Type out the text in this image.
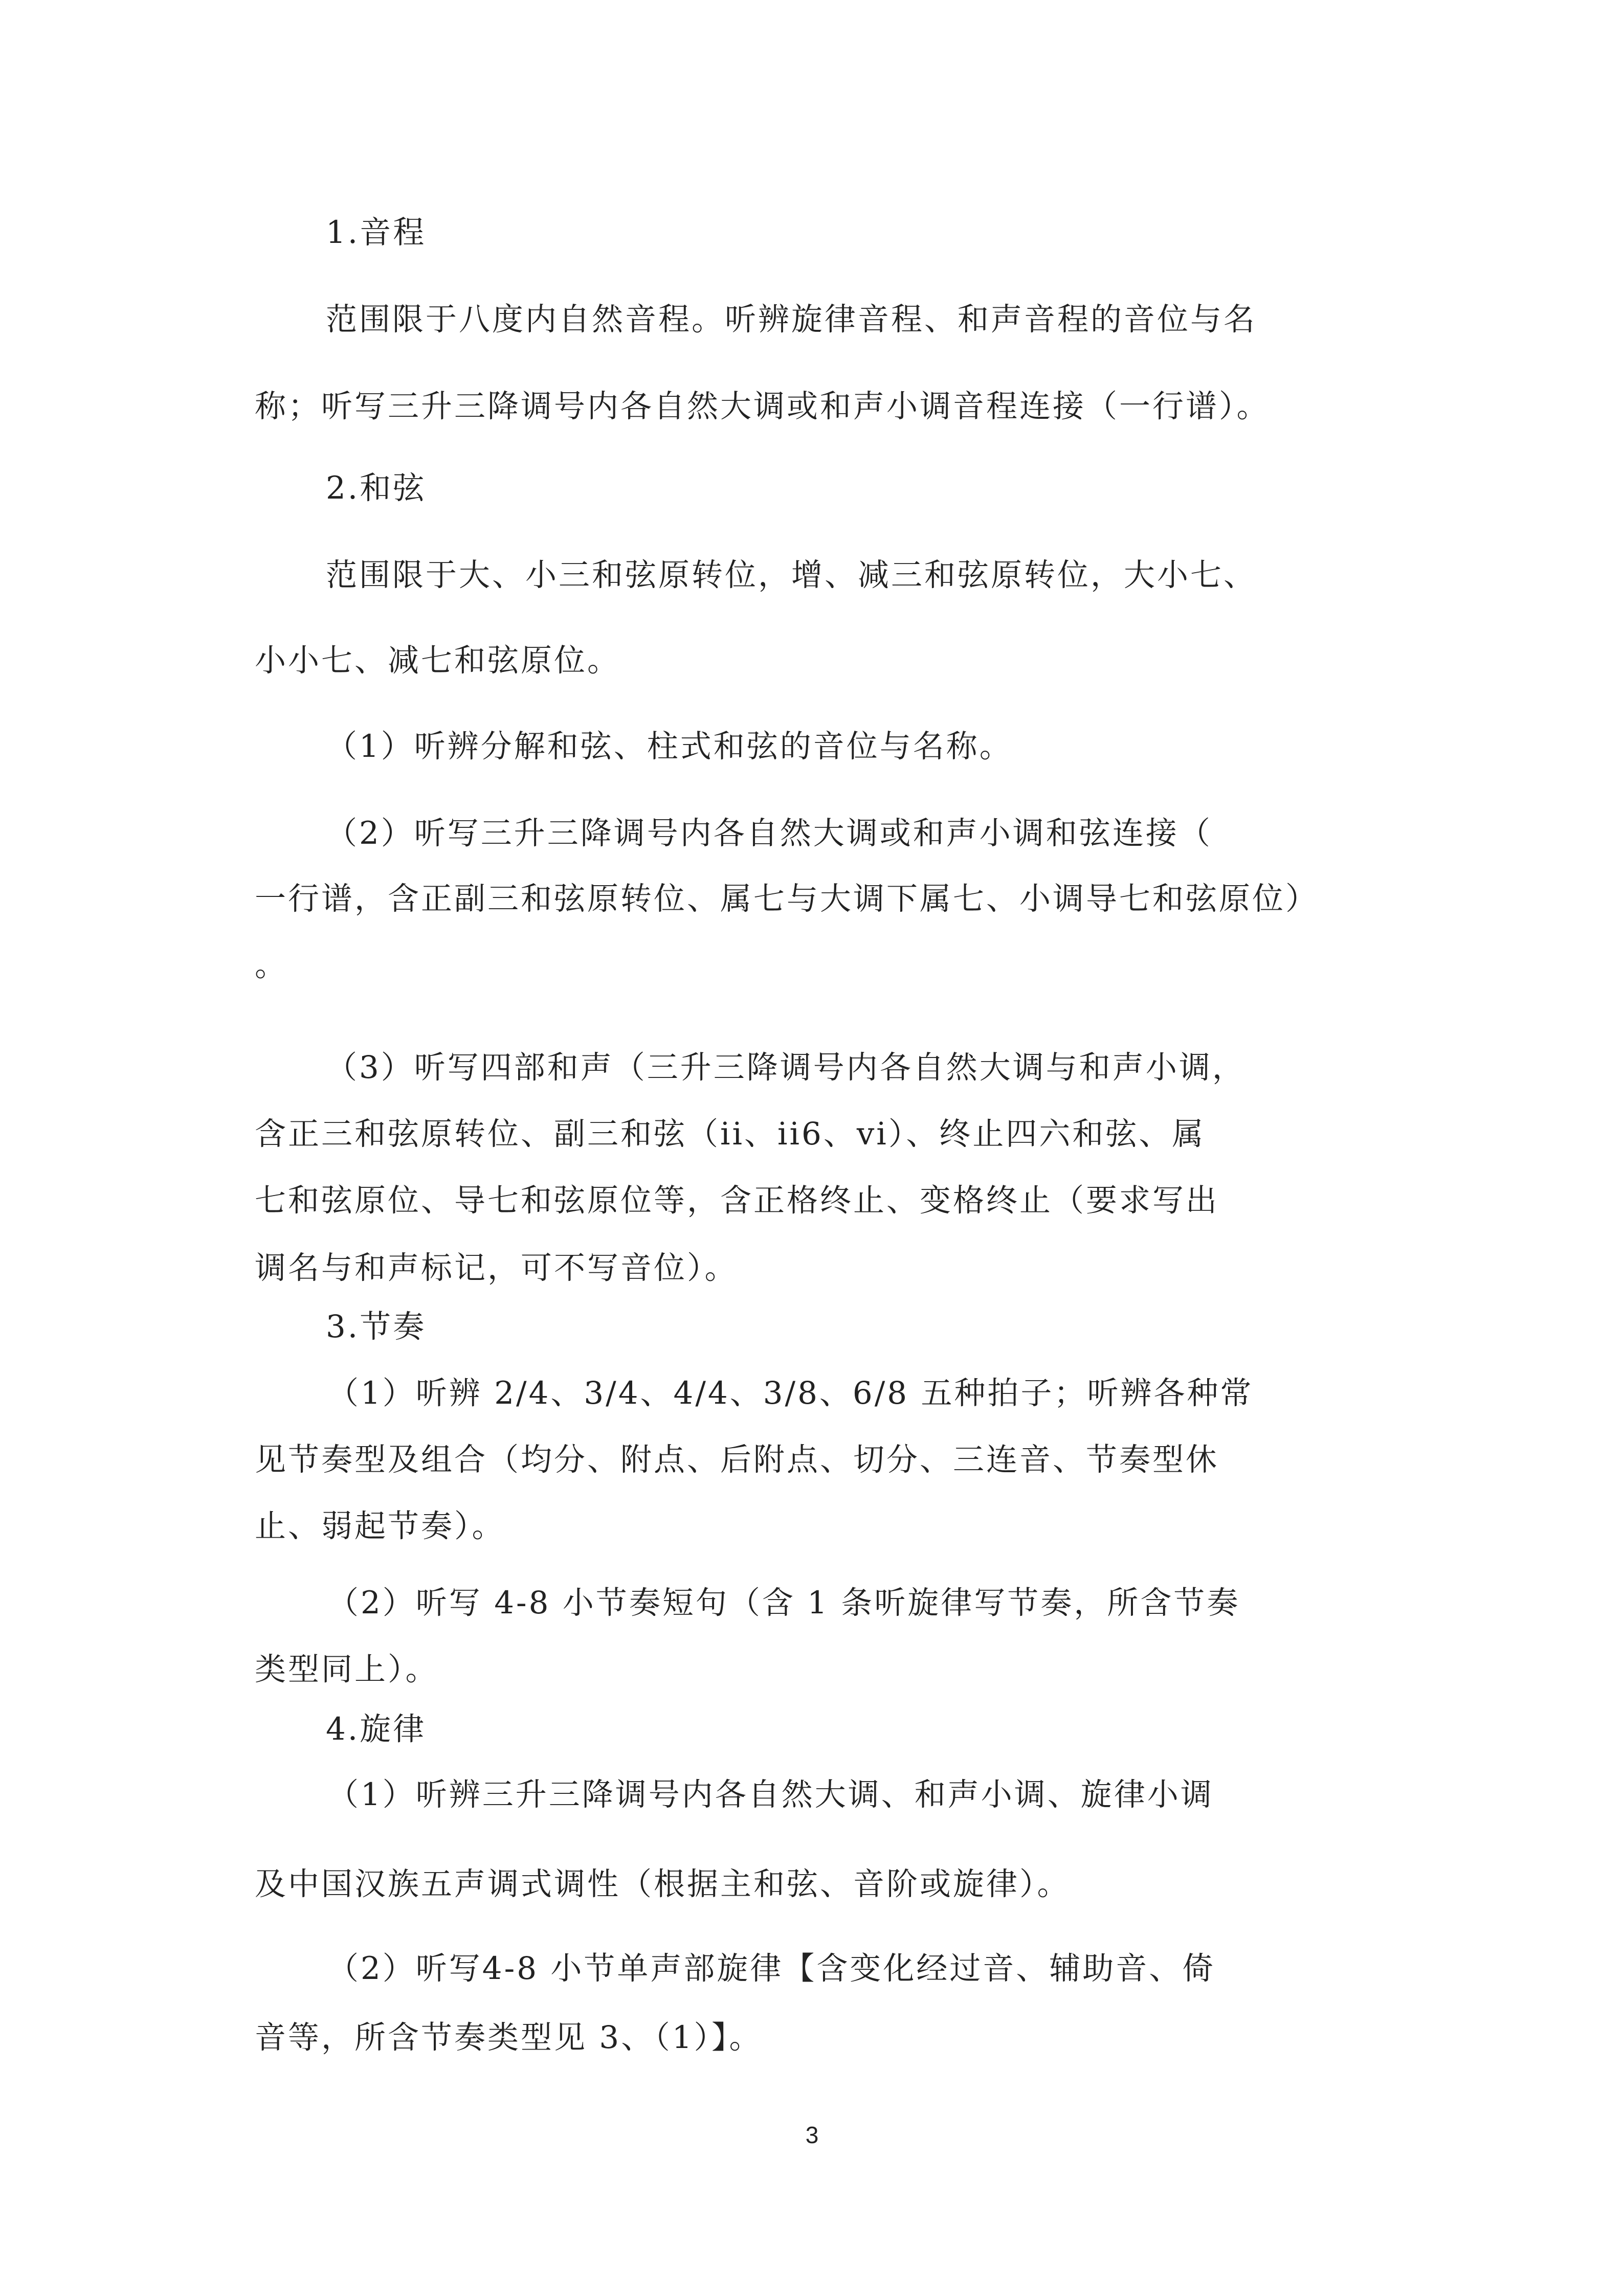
1.音程

范围限于八度内自然音程。听辨旋律音程、和声音程的音位与名

称；听写三升三降调号内各自然大调或和声小调音程连接（一行谱）。

2.和弦

范围限于大、小三和弦原转位，增、减三和弦原转位，大小七、

小小七、减七和弦原位。

（1）听辨分解和弦、柱式和弦的音位与名称。

（2）听写三升三降调号内各自然大调或和声小调和弦连接（

一行谱，含正副三和弦原转位、属七与大调下属七、小调导七和弦原位）

。

（3）听写四部和声（三升三降调号内各自然大调与和声小调，

含正三和弦原转位、副三和弦（ii、ii6、vi）、终止四六和弦、属

七和弦原位、导七和弦原位等，含正格终止、变格终止（要求写出

调名与和声标记，可不写音位）。

3.节奏

（1）听辨 2/4、3/4、4/4、3/8、6/8 五种拍子；听辨各种常

见节奏型及组合（均分、附点、后附点、切分、三连音、节奏型休

止、弱起节奏）。

（2）听写 4-8 小节奏短句（含 1 条听旋律写节奏，所含节奏

类型同上）。

4.旋律

（1）听辨三升三降调号内各自然大调、和声小调、旋律小调

及中国汉族五声调式调性（根据主和弦、音阶或旋律）。

（2）听写4-8 小节单声部旋律【含变化经过音、辅助音、倚

音等，所含节奏类型见 3、（1）】。

3
